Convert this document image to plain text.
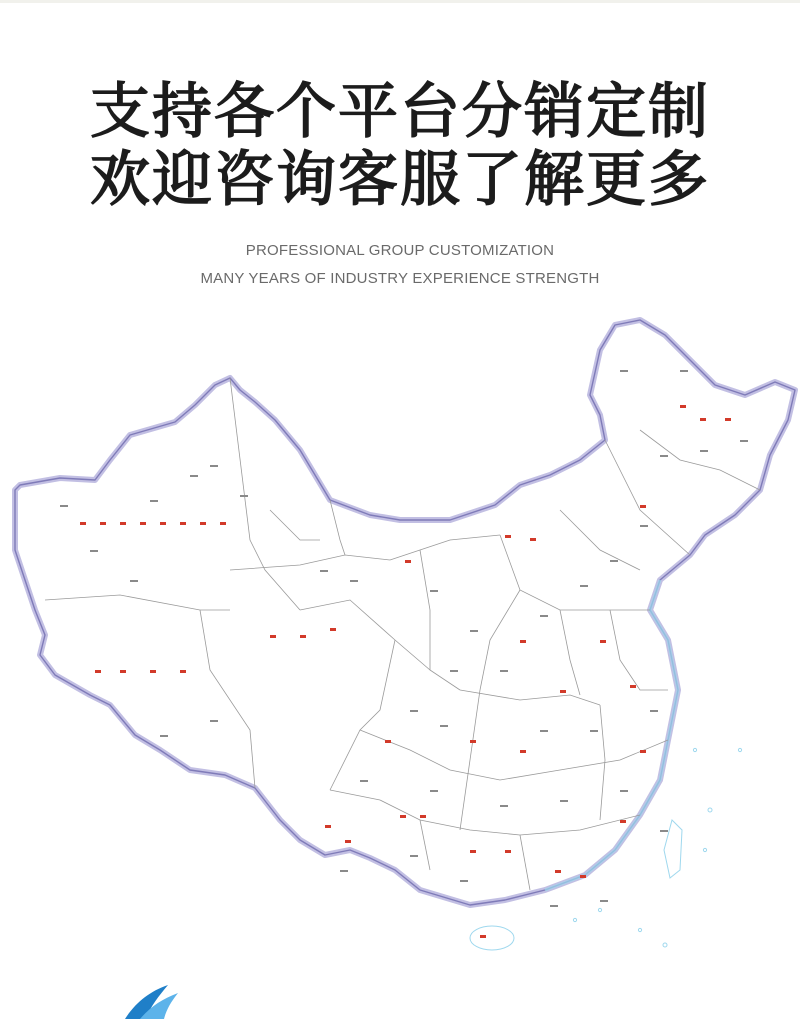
支持各个平台分销定制
欢迎咨询客服了解更多
PROFESSIONAL GROUP CUSTOMIZATION
MANY YEARS OF INDUSTRY EXPERIENCE STRENGTH
